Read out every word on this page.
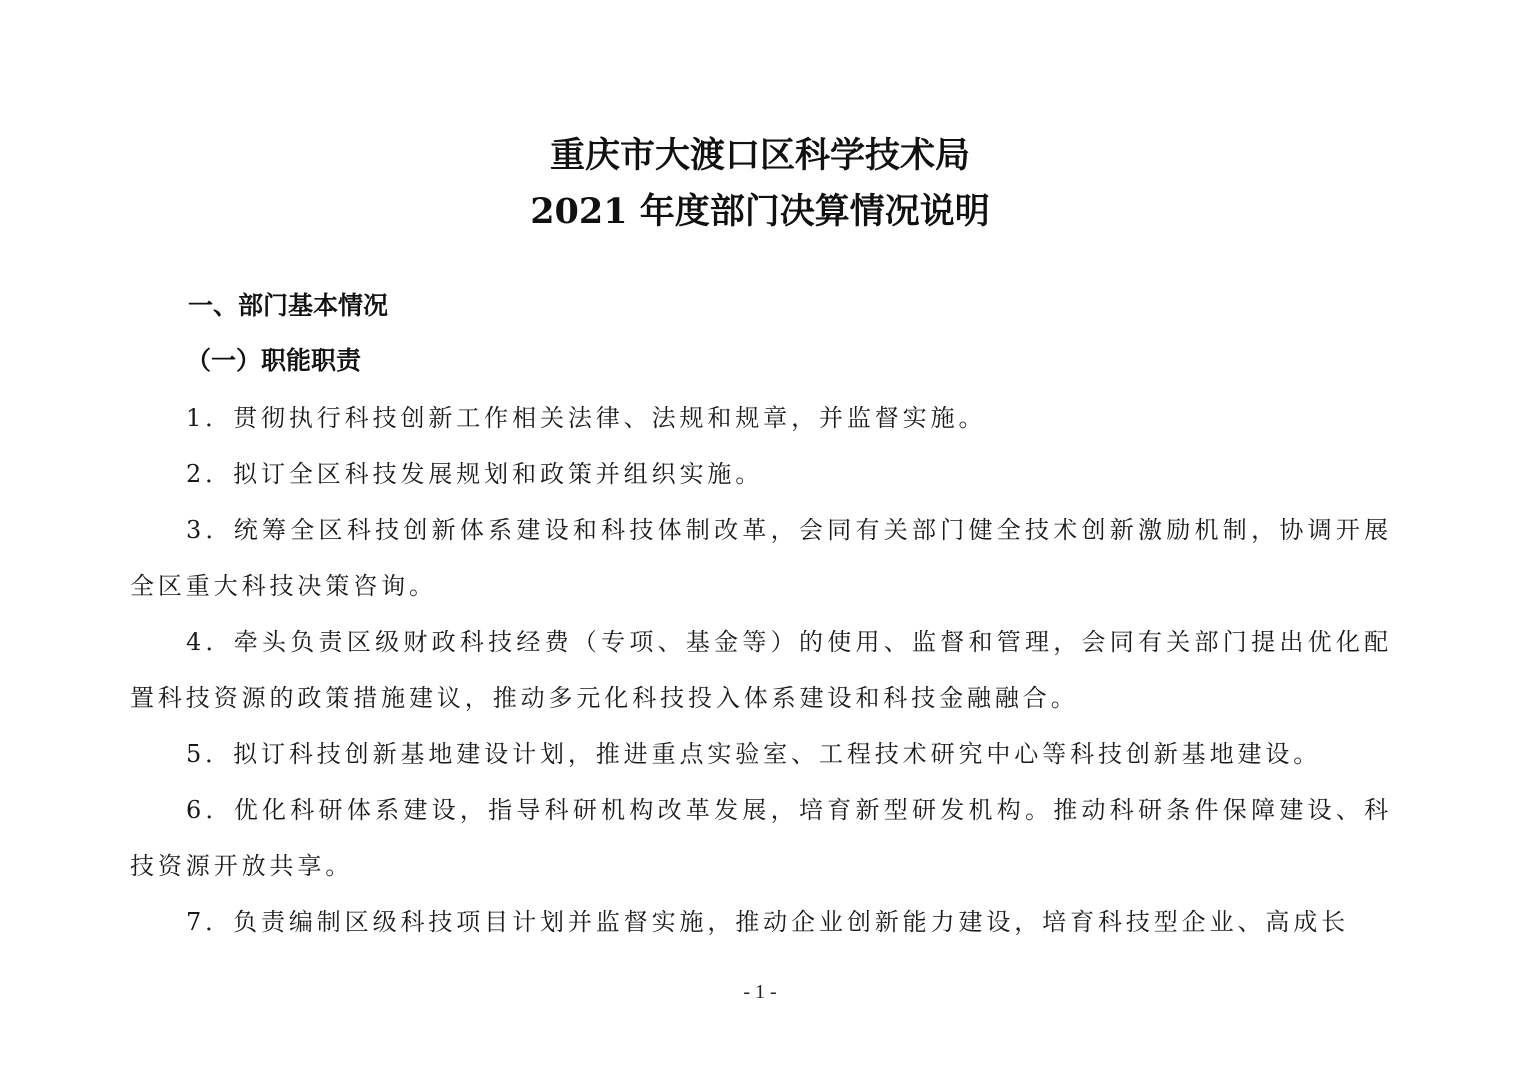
重庆市大渡口区科学技术局
2021 年度部门决算情况说明
一、部门基本情况
（一）职能职责
1．贯彻执行科技创新工作相关法律、法规和规章，并监督实施。
2．拟订全区科技发展规划和政策并组织实施。
3．统筹全区科技创新体系建设和科技体制改革，会同有关部门健全技术创新激励机制，协调开展全区重大科技决策咨询。
4．牵头负责区级财政科技经费（专项、基金等）的使用、监督和管理，会同有关部门提出优化配置科技资源的政策措施建议，推动多元化科技投入体系建设和科技金融融合。
5．拟订科技创新基地建设计划，推进重点实验室、工程技术研究中心等科技创新基地建设。
6．优化科研体系建设，指导科研机构改革发展，培育新型研发机构。推动科研条件保障建设、科技资源开放共享。
7．负责编制区级科技项目计划并监督实施，推动企业创新能力建设，培育科技型企业、高成长
- 1 -
